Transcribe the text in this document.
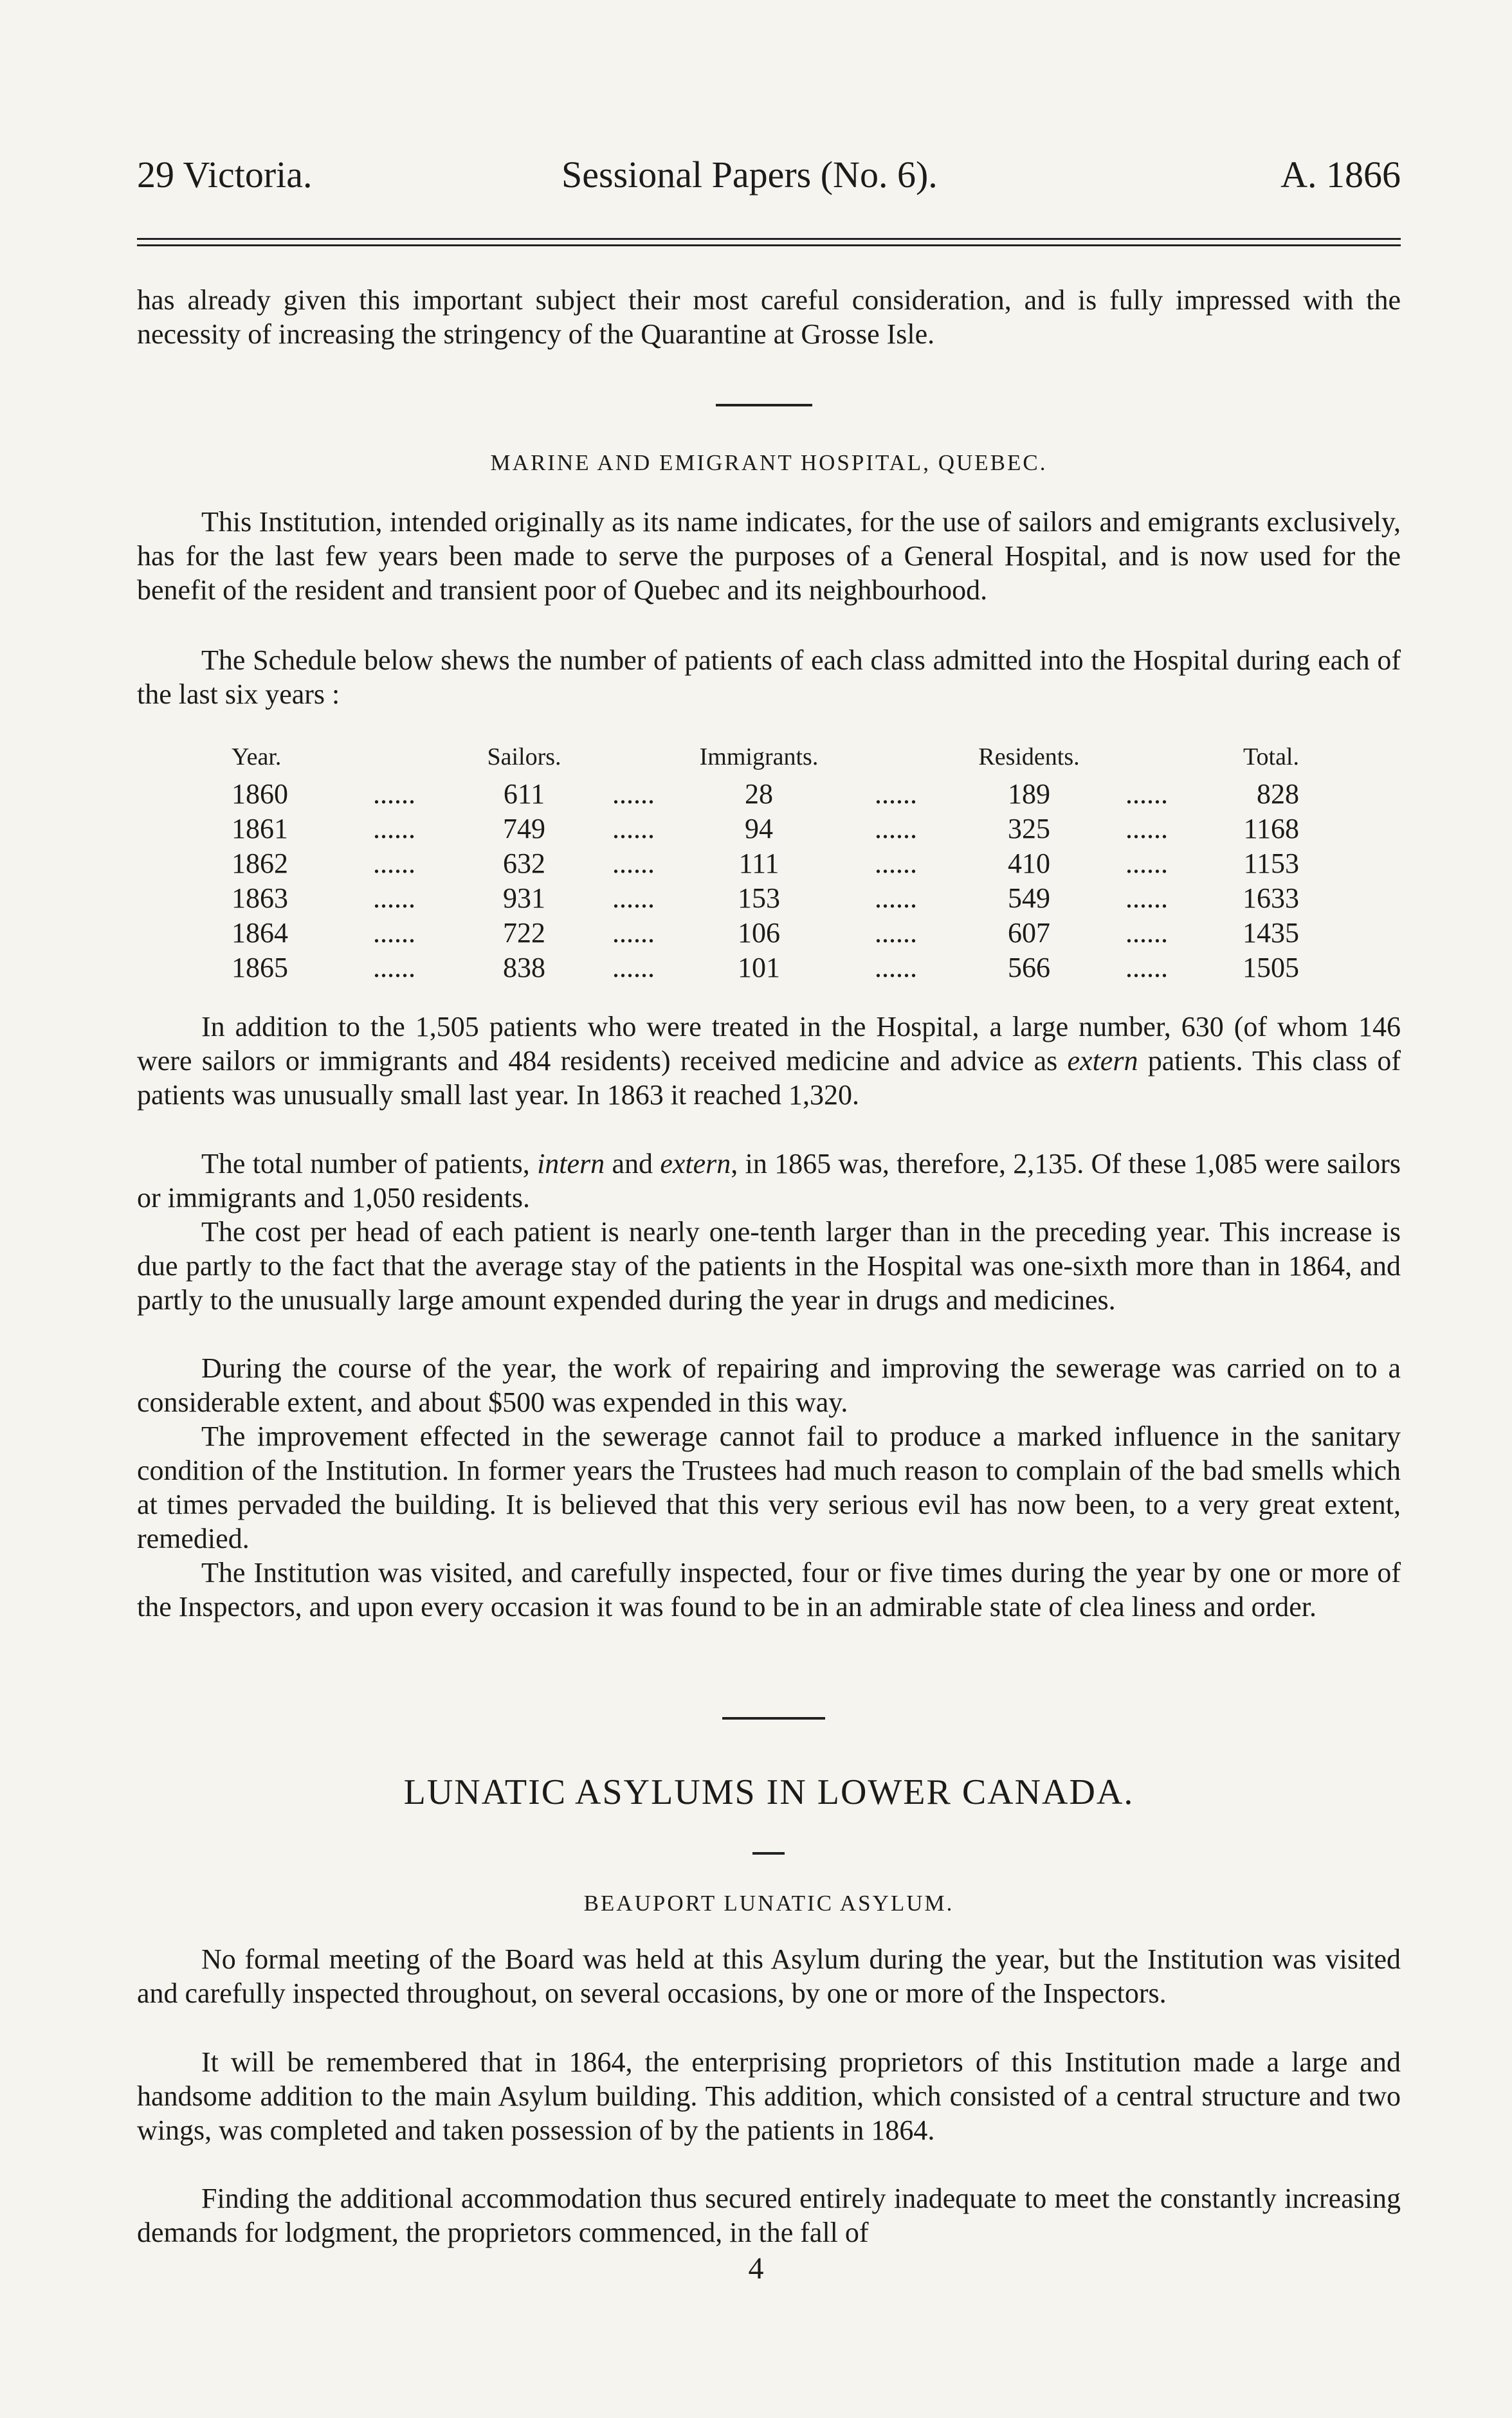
29 Victoria.	Sessional Papers (No. 6).	A. 1866

has already given this important subject their most careful consideration, and is fully impressed with the necessity of increasing the stringency of the Quarantine at Grosse Isle.

MARINE AND EMIGRANT HOSPITAL, QUEBEC.

This Institution, intended originally as its name indicates, for the use of sailors and emigrants exclusively, has for the last few years been made to serve the purposes of a General Hospital, and is now used for the benefit of the resident and transient poor of Quebec and its neighbourhood.

The Schedule below shews the number of patients of each class admitted into the Hospital during each of the last six years :

Year.	Sailors.	Immigrants.	Residents.	Total.
1860	......	611	......	28	......	189	......	828
1861	......	749	......	94	......	325	......	1168
1862	......	632	......	111	......	410	......	1153
1863	......	931	......	153	......	549	......	1633
1864	......	722	......	106	......	607	......	1435
1865	......	838	......	101	......	566	......	1505

In addition to the 1,505 patients who were treated in the Hospital, a large number, 630 (of whom 146 were sailors or immigrants and 484 residents) received medicine and advice as extern patients. This class of patients was unusually small last year. In 1863 it reached 1,320.

The total number of patients, intern and extern, in 1865 was, therefore, 2,135. Of these 1,085 were sailors or immigrants and 1,050 residents.

The cost per head of each patient is nearly one-tenth larger than in the preceding year. This increase is due partly to the fact that the average stay of the patients in the Hospital was one-sixth more than in 1864, and partly to the unusually large amount expended during the year in drugs and medicines.

During the course of the year, the work of repairing and improving the sewerage was carried on to a considerable extent, and about $500 was expended in this way.

The improvement effected in the sewerage cannot fail to produce a marked influence in the sanitary condition of the Institution. In former years the Trustees had much reason to complain of the bad smells which at times pervaded the building. It is believed that this very serious evil has now been, to a very great extent, remedied.

The Institution was visited, and carefully inspected, four or five times during the year by one or more of the Inspectors, and upon every occasion it was found to be in an admirable state of clea liness and order.

LUNATIC ASYLUMS IN LOWER CANADA.

BEAUPORT LUNATIC ASYLUM.

No formal meeting of the Board was held at this Asylum during the year, but the Institution was visited and carefully inspected throughout, on several occasions, by one or more of the Inspectors.

It will be remembered that in 1864, the enterprising proprietors of this Institution made a large and handsome addition to the main Asylum building. This addition, which consisted of a central structure and two wings, was completed and taken possession of by the patients in 1864.

Finding the additional accommodation thus secured entirely inadequate to meet the constantly increasing demands for lodgment, the proprietors commenced, in the fall of

4
